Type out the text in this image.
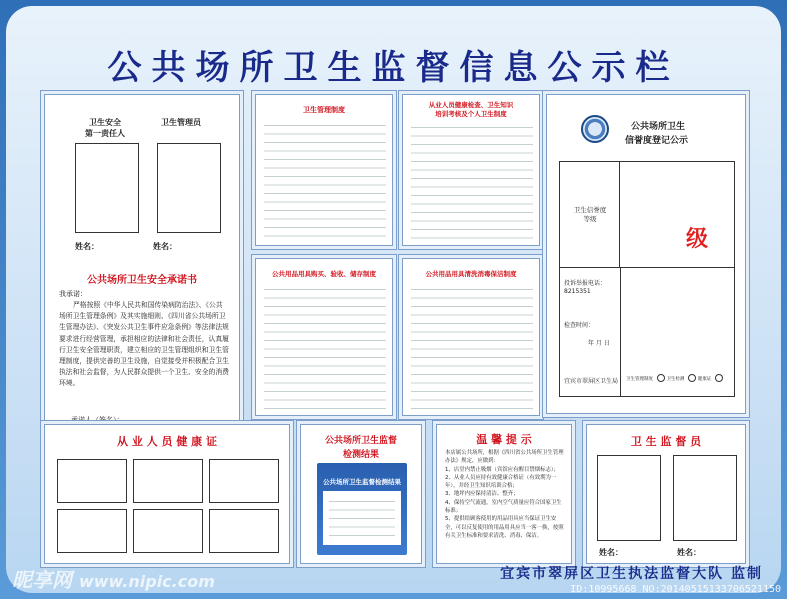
公共场所卫生监督信息公示栏
卫生安全
第一责任人
卫生管理员
姓名：	姓名：
公共场所卫生安全承诺书
我承诺：
严格按照《中华人民共和国传染病防治法》、《公共场所卫生管理条例》及其实施细则、《四川省公共场所卫生管理办法》、《突发公共卫生事件应急条例》等法律法规要求进行经营管理，承担相应的法律和社会责任，认真履行卫生安全管理职责，建立相应的卫生管理组织和卫生管理制度，提供完善的卫生设施，自觉接受并积极配合卫生执法和社会监督，为人民群众提供一个卫生、安全的消费环境。
承诺人（签名）：
卫生管理制度
从业人员健康检查、卫生知识
培训考核及个人卫生制度
公共用品用具购买、验收、储存制度	公共用品用具清洗消毒保洁制度
公共场所卫生
信誉度登记公示
卫生信誉度
等级
级
投诉举报电话：
8215351
检查时间：
年 月 日
宜宾市翠屏区卫生局 卫生管理制度	卫生检测	健康证
从 业 人 员 健 康 证	公共场所卫生监督
检测结果
公共场所卫生监督检测结果
温 馨 提 示
本店属公共场所，根据《四川省公共场所卫生管理办法》规定，应做到：
1、店堂内禁止吸烟（宾馆应有醒目禁烟标志）；
2、从业人员应持有效健康合格证（有效期为一年），并经卫生知识培训合格；
3、地坪内应保持清洁、整齐；
4、保持空气流通，室内空气质量应符合国家卫生标准；
5、提供给顾客使用的用品用具应当保证卫生安全，可以反复使用的用品用具应当一客一换，按照有关卫生标准和要求清洗、消毒、保洁。
卫 生 监 督 员
姓名：	姓名：
宜宾市翠屏区卫生执法监督大队 监制
昵享网 www.nipic.com	ID:10995668 NO:20140515133706521150
